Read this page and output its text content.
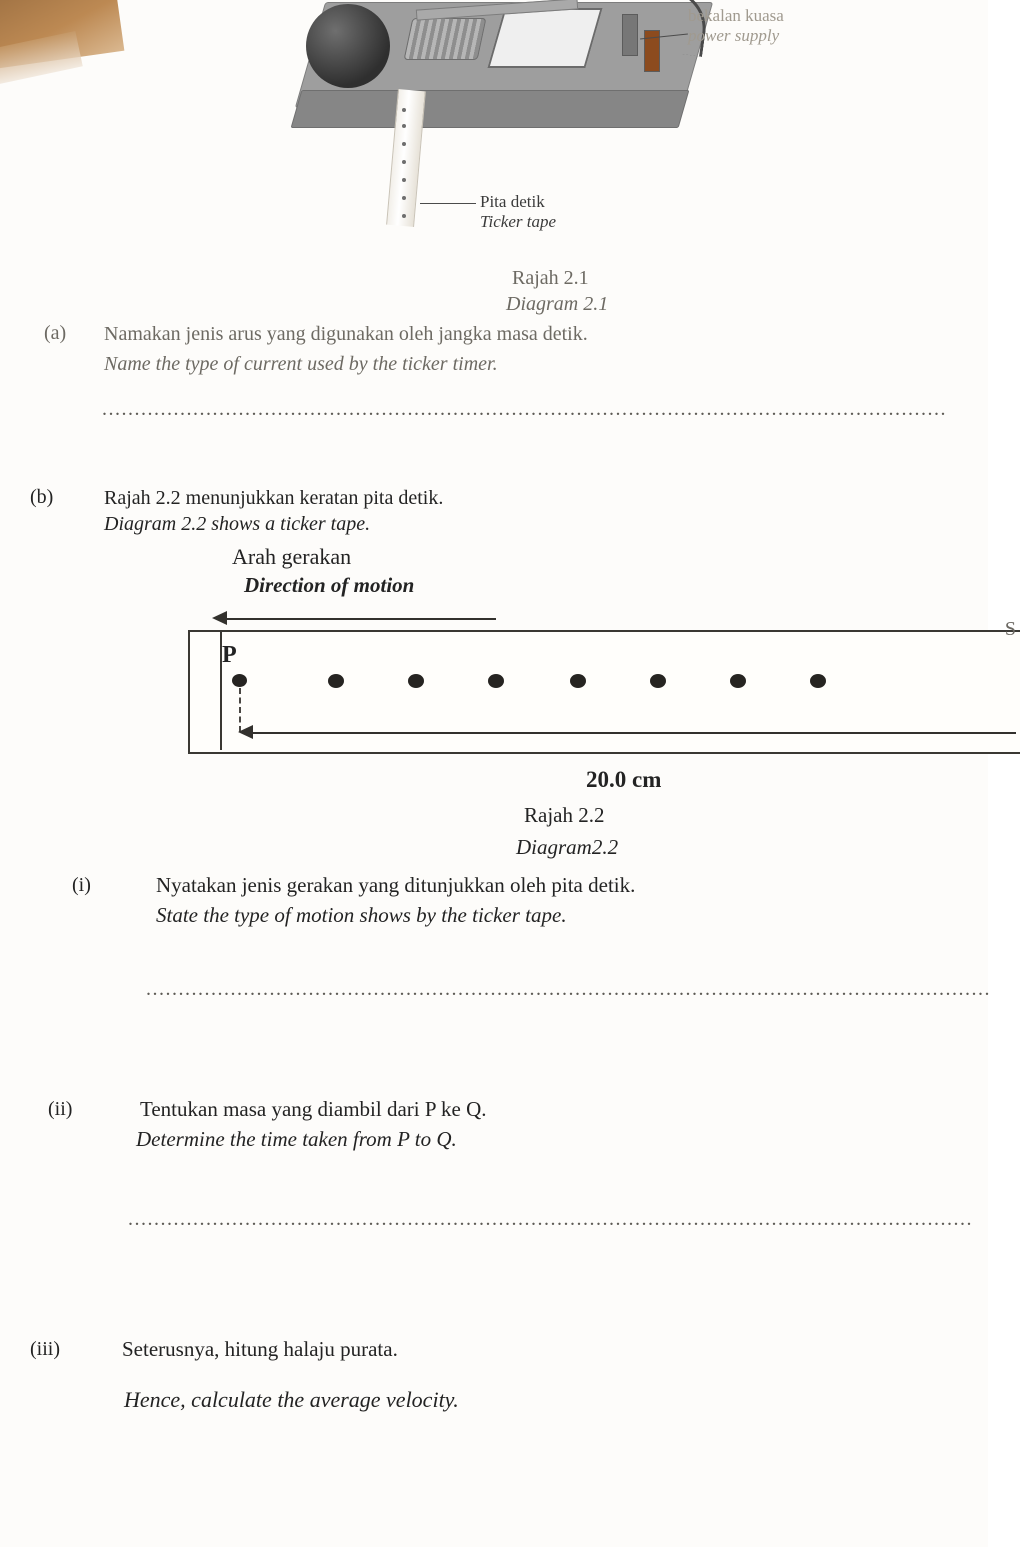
bekalan kuasa
power supply
Pita detik
Ticker tape
Rajah 2.1
Diagram 2.1
(a) Namakan jenis arus yang digunakan oleh jangka masa detik.
Name the type of current used by the ticker timer.
..................................................................................................................................
(b)	Rajah 2.2 menunjukkan keratan pita detik.
Diagram 2.2 shows a ticker tape.
Arah gerakan
Direction of motion
P
S
20.0 cm
Rajah 2.2
Diagram2.2
(i)	Nyatakan jenis gerakan yang ditunjukkan oleh pita detik.
State the type of motion shows by the ticker tape.
..................................................................................................................................
(ii)	Tentukan masa yang diambil dari P ke Q.
Determine the time taken from P to Q.
..................................................................................................................................
(iii)	Seterusnya, hitung halaju purata.
Hence, calculate the average velocity.
